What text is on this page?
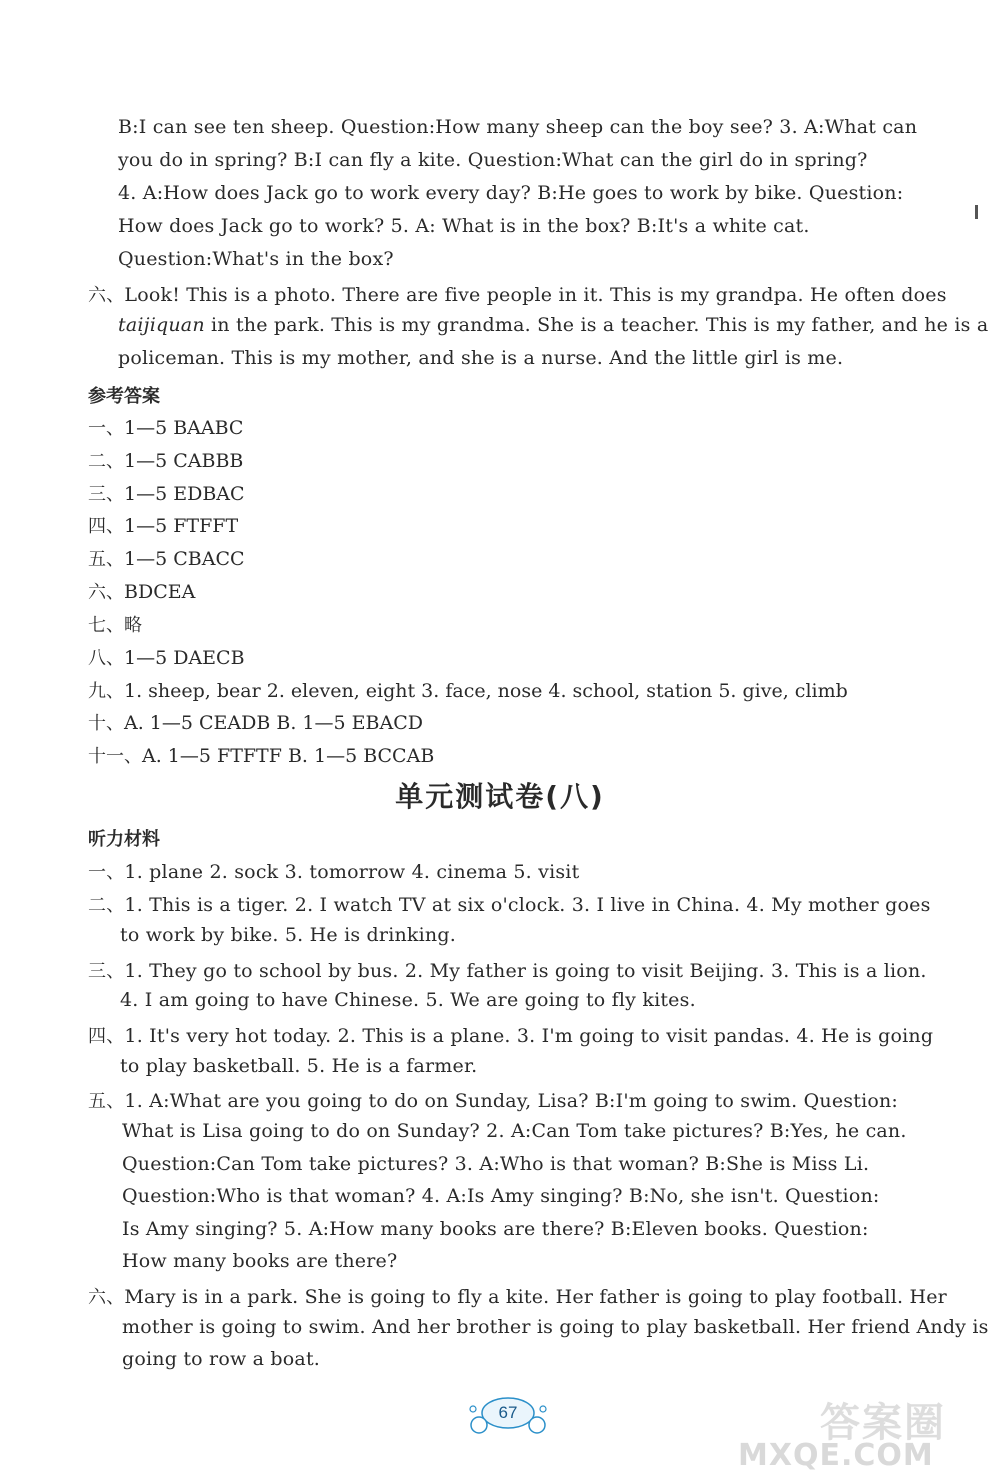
B:I can see ten sheep. Question:How many sheep can the boy see? 3. A:What can
you do in spring? B:I can fly a kite. Question:What can the girl do in spring?
4. A:How does Jack go to work every day? B:He goes to work by bike. Question:
How does Jack go to work? 5. A: What is in the box? B:It's a white cat.
Question:What's in the box?
六、Look! This is a photo. There are five people in it. This is my grandpa. He often does
taijiquan in the park. This is my grandma. She is a teacher. This is my father, and he is a
policeman. This is my mother, and she is a nurse. And the little girl is me.
参考答案
一、1—5 BAABC
二、1—5 CABBB
三、1—5 EDBAC
四、1—5 FTFFT
五、1—5 CBACC
六、BDCEA
七、略
八、1—5 DAECB
九、1. sheep, bear 2. eleven, eight 3. face, nose 4. school, station 5. give, climb
十、A. 1—5 CEADB B. 1—5 EBACD
十一、A. 1—5 FTFTF B. 1—5 BCCAB
单元测试卷(八)
听力材料
一、1. plane 2. sock 3. tomorrow 4. cinema 5. visit
二、1. This is a tiger. 2. I watch TV at six o'clock. 3. I live in China. 4. My mother goes
to work by bike. 5. He is drinking.
三、1. They go to school by bus. 2. My father is going to visit Beijing. 3. This is a lion.
4. I am going to have Chinese. 5. We are going to fly kites.
四、1. It's very hot today. 2. This is a plane. 3. I'm going to visit pandas. 4. He is going
to play basketball. 5. He is a farmer.
五、1. A:What are you going to do on Sunday, Lisa? B:I'm going to swim. Question:
What is Lisa going to do on Sunday? 2. A:Can Tom take pictures? B:Yes, he can.
Question:Can Tom take pictures? 3. A:Who is that woman? B:She is Miss Li.
Question:Who is that woman? 4. A:Is Amy singing? B:No, she isn't. Question:
Is Amy singing? 5. A:How many books are there? B:Eleven books. Question:
How many books are there?
六、Mary is in a park. She is going to fly a kite. Her father is going to play football. Her
mother is going to swim. And her brother is going to play basketball. Her friend Andy is
going to row a boat.
67	答案圈
MXQE.COM
